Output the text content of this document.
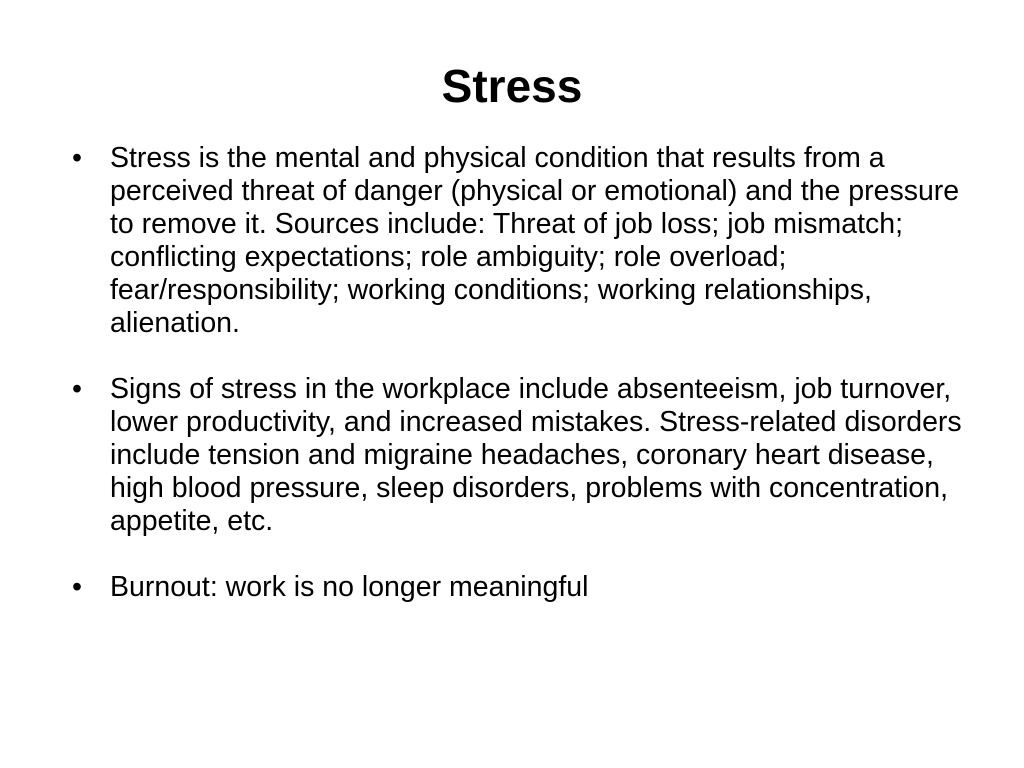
Stress
• Stress is the mental and physical condition that results from a perceived threat of danger (physical or emotional) and the pressure to remove it. Sources include: Threat of job loss; job mismatch; conflicting expectations; role ambiguity; role overload; fear/responsibility; working conditions; working relationships, alienation.
• Signs of stress in the workplace include absenteeism, job turnover, lower productivity, and increased mistakes. Stress-related disorders include tension and migraine headaches, coronary heart disease, high blood pressure, sleep disorders, problems with concentration, appetite, etc.
• Burnout: work is no longer meaningful
